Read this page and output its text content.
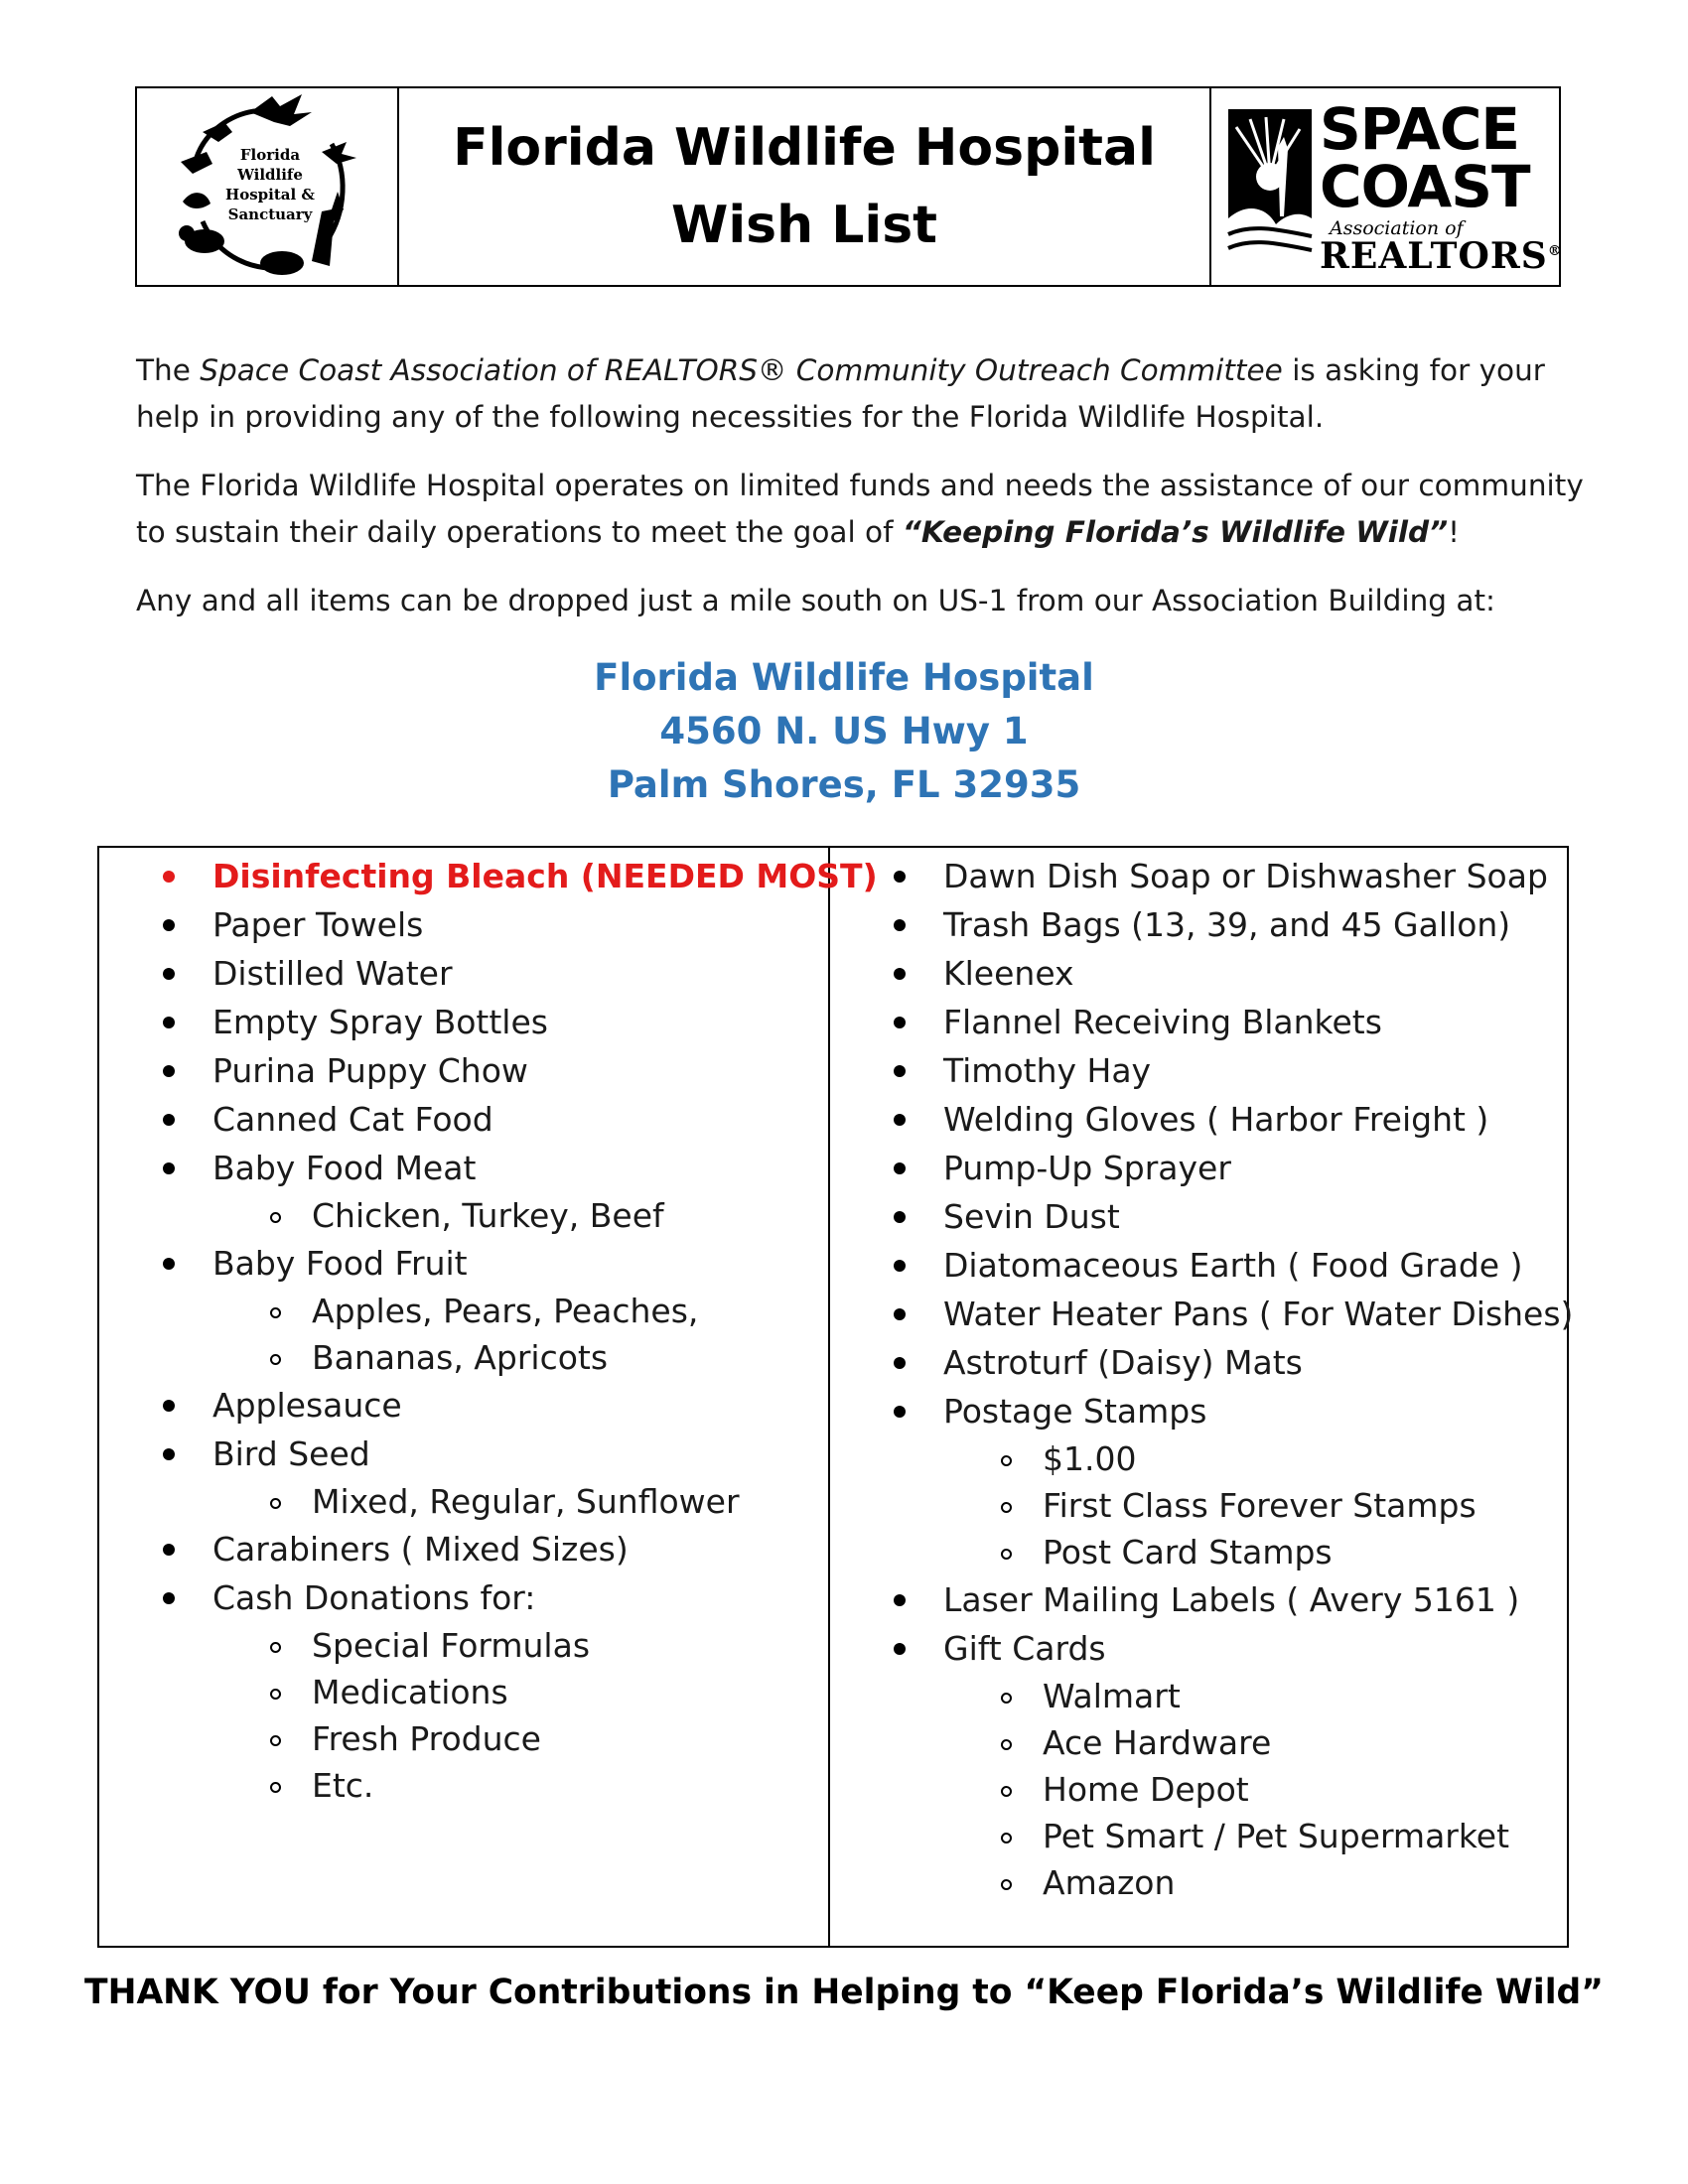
Florida
Wildlife
Hospital &
Sanctuary
Florida Wildlife Hospital
Wish List
SPACE
COAST
Association of
REALTORS®

The Space Coast Association of REALTORS® Community Outreach Committee is asking for your help in providing any of the following necessities for the Florida Wildlife Hospital.

The Florida Wildlife Hospital operates on limited funds and needs the assistance of our community to sustain their daily operations to meet the goal of “Keeping Florida’s Wildlife Wild”!

Any and all items can be dropped just a mile south on US-1 from our Association Building at:

Florida Wildlife Hospital
4560 N. US Hwy 1
Palm Shores, FL 32935
Disinfecting Bleach (NEEDED MOST)
Paper Towels
Distilled Water
Empty Spray Bottles
Purina Puppy Chow
Canned Cat Food
Baby Food Meat
Chicken, Turkey, Beef
Baby Food Fruit
Apples, Pears, Peaches,
Bananas, Apricots
Applesauce
Bird Seed
Mixed, Regular, Sunflower
Carabiners ( Mixed Sizes)
Cash Donations for:
Special Formulas
Medications
Fresh Produce
Etc.
Dawn Dish Soap or Dishwasher Soap
Trash Bags (13, 39, and 45 Gallon)
Kleenex
Flannel Receiving Blankets
Timothy Hay
Welding Gloves ( Harbor Freight )
Pump-Up Sprayer
Sevin Dust
Diatomaceous Earth ( Food Grade )
Water Heater Pans ( For Water Dishes)
Astroturf (Daisy) Mats
Postage Stamps
$1.00
First Class Forever Stamps
Post Card Stamps
Laser Mailing Labels ( Avery 5161 )
Gift Cards
Walmart
Ace Hardware
Home Depot
Pet Smart / Pet Supermarket
Amazon
THANK YOU for Your Contributions in Helping to “Keep Florida’s Wildlife Wild”
